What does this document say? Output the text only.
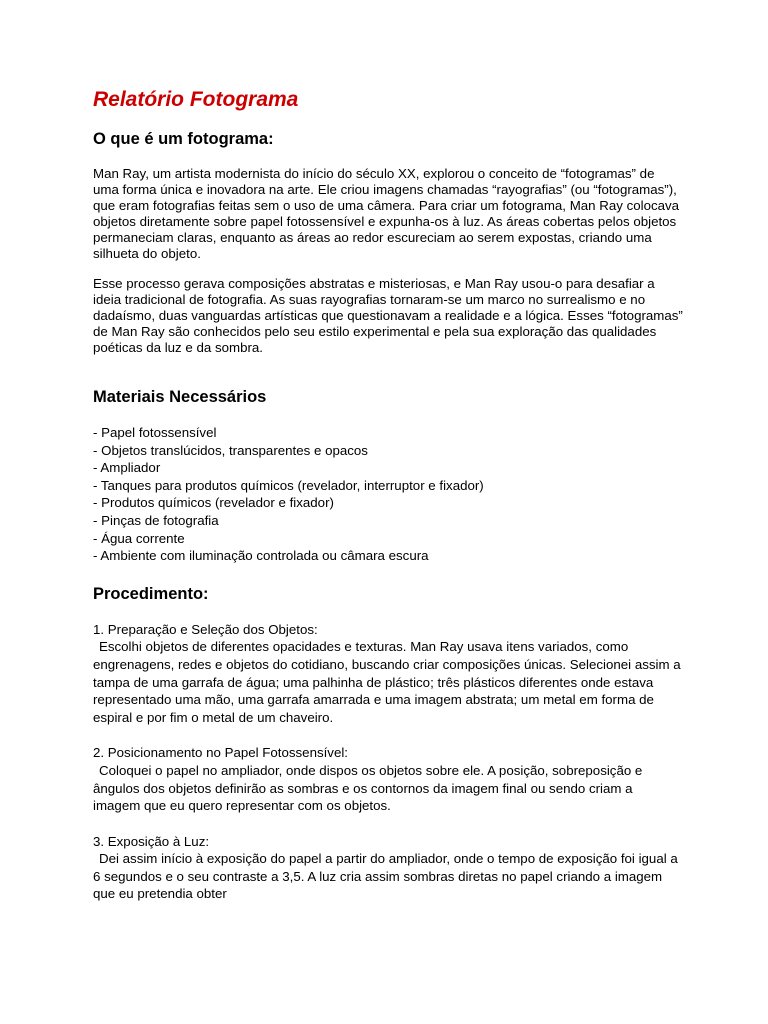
Relatório Fotograma
O que é um fotograma:

Man Ray, um artista modernista do início do século XX, explorou o conceito de “fotogramas” de uma forma única e inovadora na arte. Ele criou imagens chamadas “rayografias” (ou “fotogramas”), que eram fotografias feitas sem o uso de uma câmera. Para criar um fotograma, Man Ray colocava objetos diretamente sobre papel fotossensível e expunha-os à luz. As áreas cobertas pelos objetos permaneciam claras, enquanto as áreas ao redor escureciam ao serem expostas, criando uma silhueta do objeto.

Esse processo gerava composições abstratas e misteriosas, e Man Ray usou-o para desafiar a ideia tradicional de fotografia. As suas rayografias tornaram-se um marco no surrealismo e no dadaísmo, duas vanguardas artísticas que questionavam a realidade e a lógica. Esses “fotogramas” de Man Ray são conhecidos pelo seu estilo experimental e pela sua exploração das qualidades poéticas da luz e da sombra.

Materiais Necessários
- Papel fotossensível
- Objetos translúcidos, transparentes e opacos
- Ampliador
- Tanques para produtos químicos (revelador, interruptor e fixador)
- Produtos químicos (revelador e fixador)
- Pinças de fotografia
- Água corrente
- Ambiente com iluminação controlada ou câmara escura
Procedimento:
1. Preparação e Seleção dos Objetos:
Escolhi objetos de diferentes opacidades e texturas. Man Ray usava itens variados, como engrenagens, redes e objetos do cotidiano, buscando criar composições únicas. Selecionei assim a tampa de uma garrafa de água; uma palhinha de plástico; três plásticos diferentes onde estava representado uma mão, uma garrafa amarrada e uma imagem abstrata; um metal em forma de espiral e por fim o metal de um chaveiro.
2. Posicionamento no Papel Fotossensível:
Coloquei o papel no ampliador, onde dispos os objetos sobre ele. A posição, sobreposição e ângulos dos objetos definirão as sombras e os contornos da imagem final ou sendo criam a imagem que eu quero representar com os objetos.
3. Exposição à Luz:
Dei assim início à exposição do papel a partir do ampliador, onde o tempo de exposição foi igual a 6 segundos e o seu contraste a 3,5. A luz cria assim sombras diretas no papel criando a imagem que eu pretendia obter
